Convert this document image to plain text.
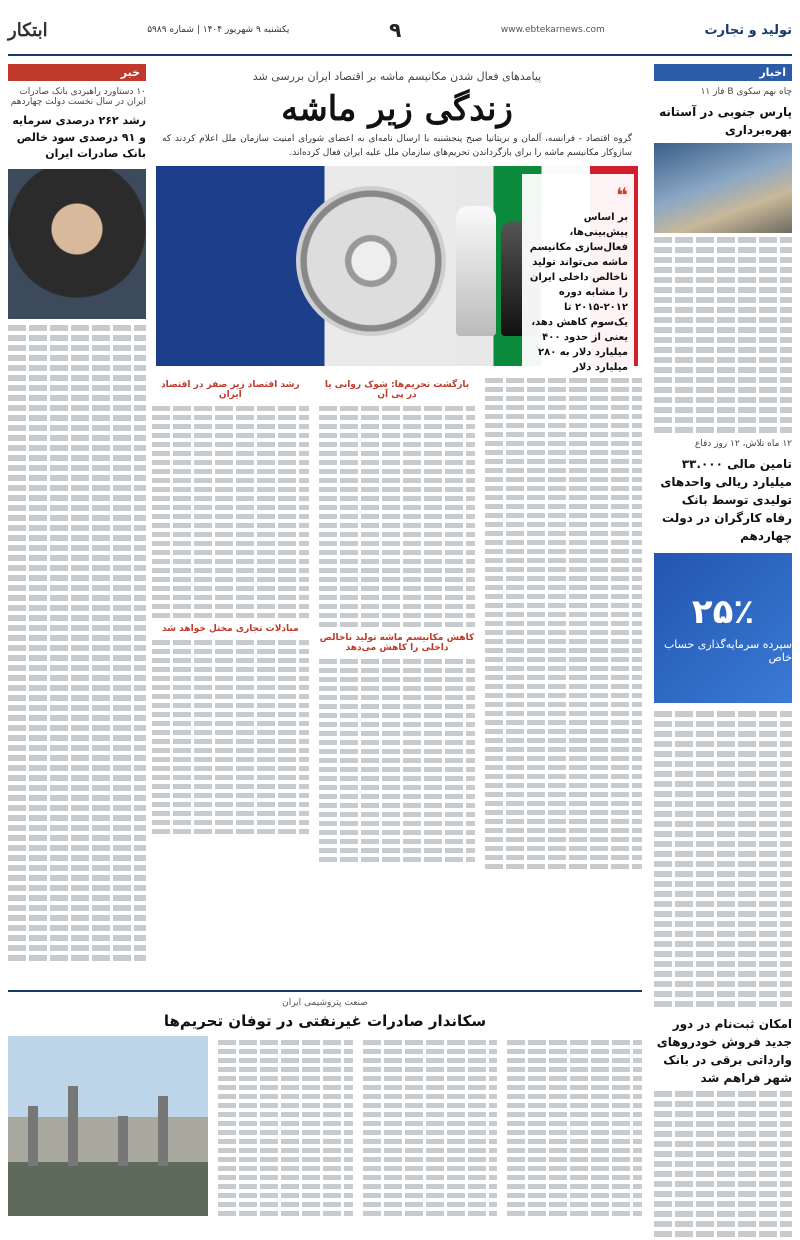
تولید و تجارت
www.ebtekarnews.com
۹
یکشنبه ۹ شهریور ۱۴۰۴ | شماره ۵۹۸۹
ابتکار
اخبار
چاه نهم سکوی B فاز ۱۱
پارس جنوبی در آستانه بهره‌برداری
۱۲ ماه تلاش، ۱۲ روز دفاع
تامین مالی ۳۳.۰۰۰ میلیارد ریالی واحدهای تولیدی توسط بانک رفاه کارگران در دولت چهاردهم
۲۵٪
سپرده سرمایه‌گذاری حساب خاص
امکان ثبت‌نام در دور جدید فروش خودروهای وارداتی برقی در بانک شهر فراهم شد
خبر
۱۰ دستاورد راهبردی بانک صادرات ایران در سال نخست دولت چهاردهم
رشد ۲۶۲ درصدی سرمایه و ۹۱ درصدی سود خالص بانک صادرات ایران
پیامدهای فعال شدن مکانیسم ماشه بر اقتصاد ایران بررسی شد
زندگی زیر ماشه

گروه اقتصاد - فرانسه، آلمان و بریتانیا صبح پنجشنبه با ارسال نامه‌ای به اعضای شورای امنیت سازمان ملل اعلام کردند که سازوکار مکانیسم ماشه را برای بازگرداندن تحریم‌های سازمان ملل علیه ایران فعال کرده‌اند.

❝
بر اساس پیش‌بینی‌ها، فعال‌سازی مکانیسم ماشه می‌تواند تولید ناخالص داخلی ایران را مشابه دوره ۲۰۱۲-۲۰۱۵ تا یک‌سوم کاهش دهد، یعنی از حدود ۴۰۰ میلیارد دلار به ۲۸۰ میلیارد دلار
بازگشت تحریم‌ها: شوک روانی یا در پی آن
کاهش مکانیسم ماشه تولید ناخالص داخلی را کاهش می‌دهد
رشد اقتصاد زیر صفر در اقتصاد ایران
مبادلات تجاری مختل خواهد شد
صنعت پتروشیمی ایران
سکاندار صادرات غیرنفتی در توفان تحریم‌ها
